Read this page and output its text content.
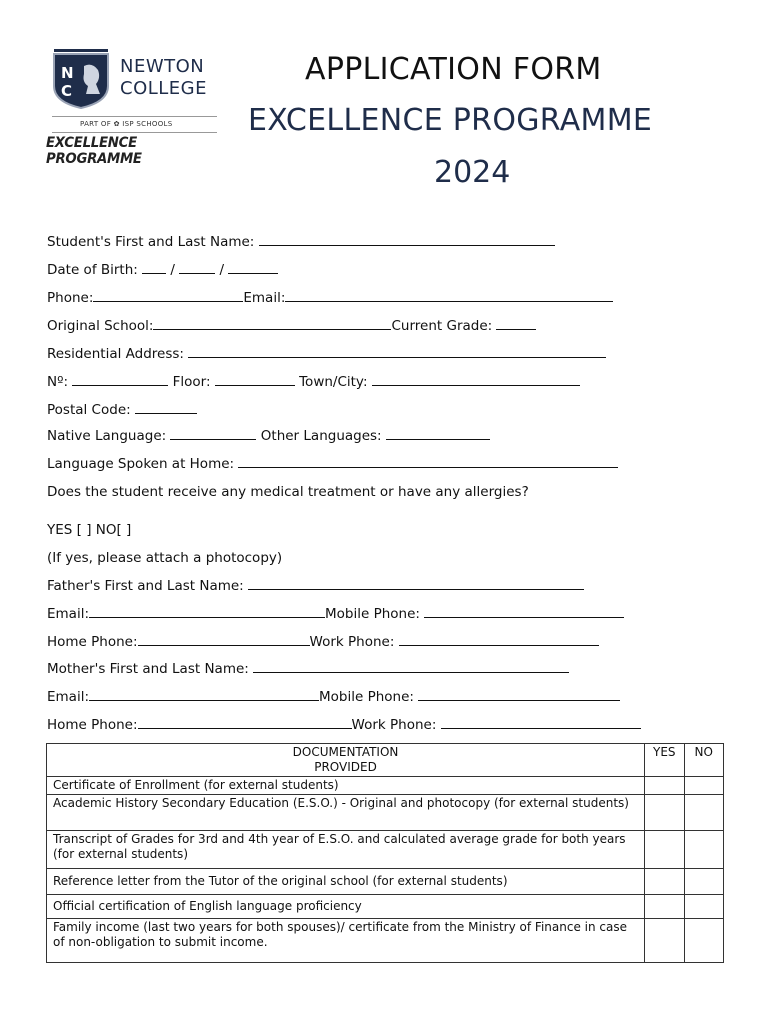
N
C
NEWTON
COLLEGE
PART OF ✿ ISP SCHOOLS
EXCELLENCE PROGRAMME
APPLICATION FORM
EXCELLENCE PROGRAMME
2024
Student's First and Last Name:
Date of Birth:  /	/
Phone:	Email:
Original School:	Current Grade:
Residential Address:
Nº:	Floor:	Town/City:
Postal Code:
Native Language:	Other Languages:
Language Spoken at Home:
Does the student receive any medical treatment or have any allergies?
YES [ ] NO[ ]
(If yes, please attach a photocopy)
Father's First and Last Name:
Email:	Mobile Phone:
Home Phone:	Work Phone:
Mother's First and Last Name:
Email:	Mobile Phone:
Home Phone:	Work Phone:
DOCUMENTATION PROVIDED	YES	NO
Certificate of Enrollment (for external students)		
Academic History Secondary Education (E.S.O.) - Original and photocopy (for external students)		
Transcript of Grades for 3rd and 4th year of E.S.O. and calculated average grade for both years (for external students)		
Reference letter from the Tutor of the original school (for external students)		
Official certification of English language proficiency		
Family income (last two years for both spouses)/ certificate from the Ministry of Finance in case of non-obligation to submit income.		
